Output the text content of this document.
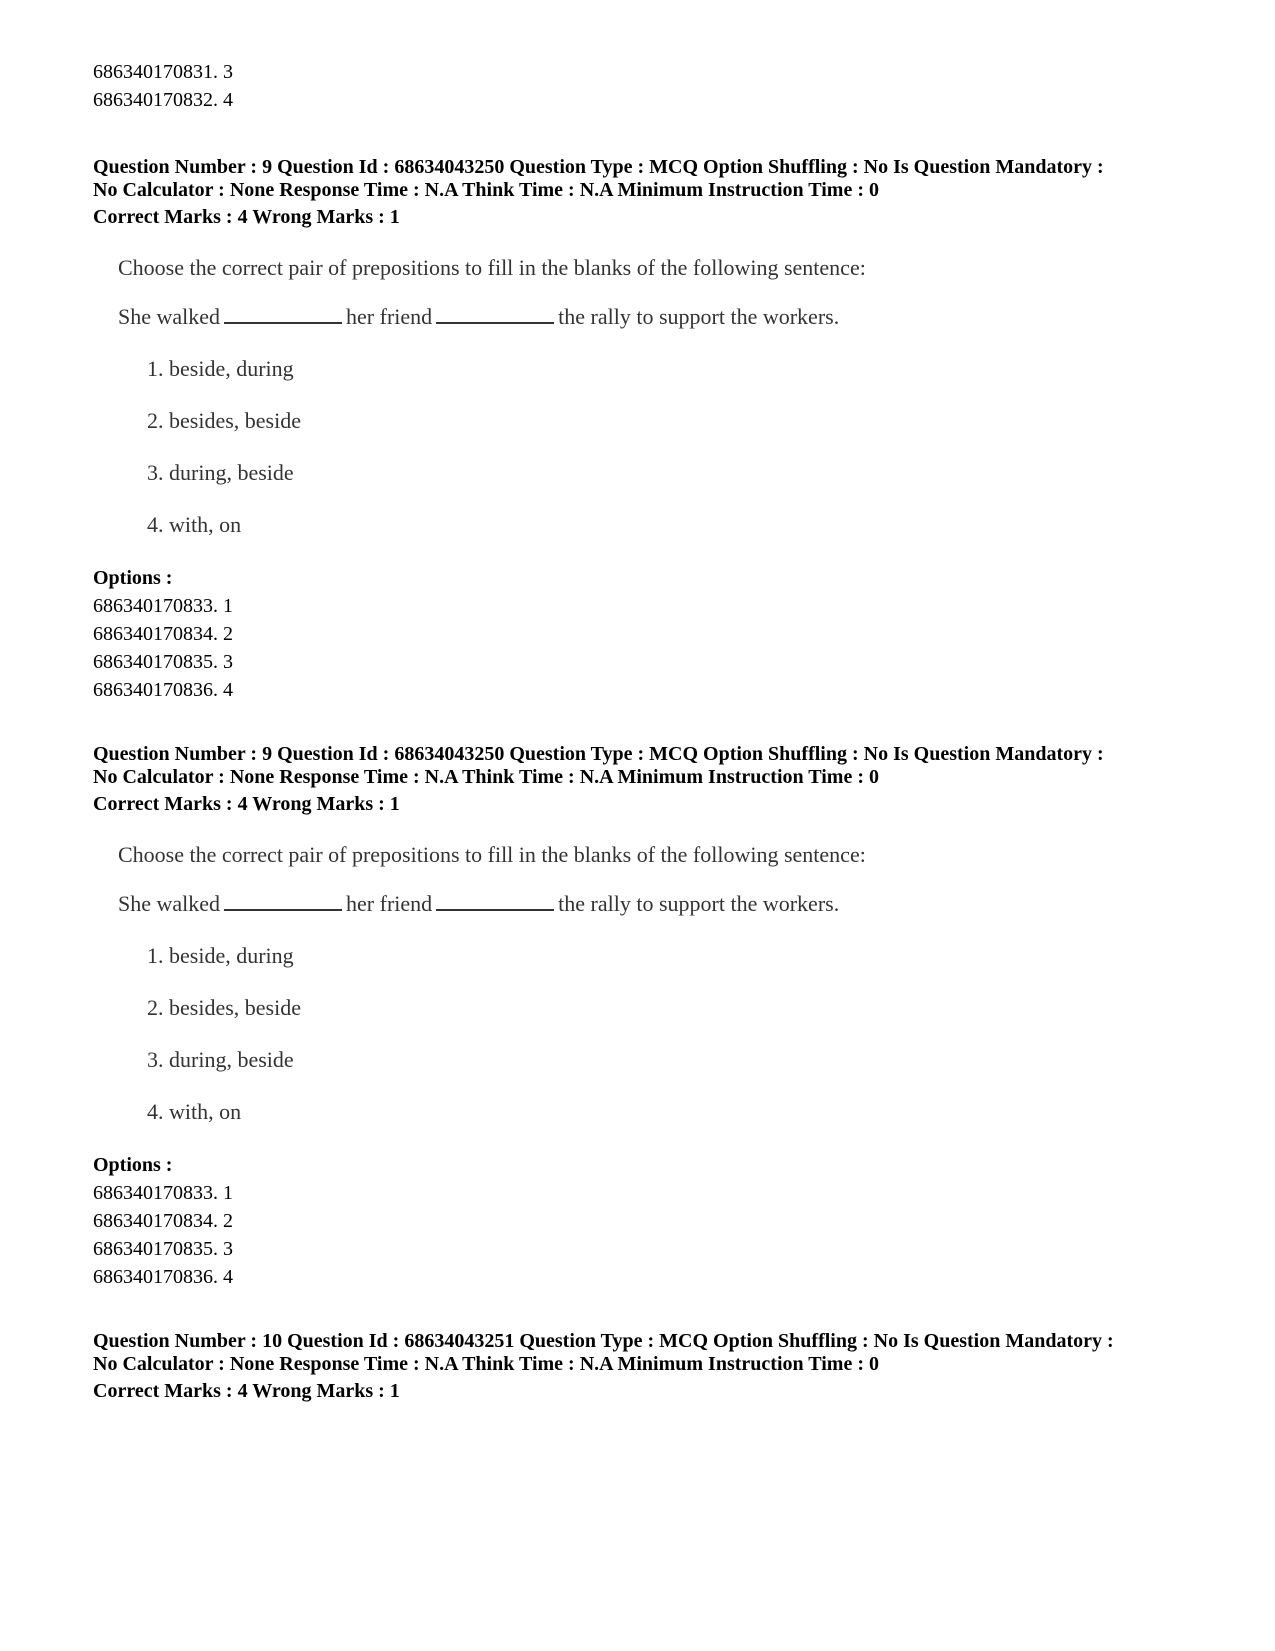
686340170831. 3
686340170832. 4
Question Number : 9 Question Id : 68634043250 Question Type : MCQ Option Shuffling : No Is Question Mandatory :
No Calculator : None Response Time : N.A Think Time : N.A Minimum Instruction Time : 0
Correct Marks : 4 Wrong Marks : 1
Choose the correct pair of prepositions to fill in the blanks of the following sentence:
She walked	her friend	the rally to support the workers.
1. beside, during
2. besides, beside
3. during, beside
4. with, on
Options :
686340170833. 1
686340170834. 2
686340170835. 3
686340170836. 4
Question Number : 9 Question Id : 68634043250 Question Type : MCQ Option Shuffling : No Is Question Mandatory :
No Calculator : None Response Time : N.A Think Time : N.A Minimum Instruction Time : 0
Correct Marks : 4 Wrong Marks : 1
Choose the correct pair of prepositions to fill in the blanks of the following sentence:
She walked	her friend	the rally to support the workers.
1. beside, during
2. besides, beside
3. during, beside
4. with, on
Options :
686340170833. 1
686340170834. 2
686340170835. 3
686340170836. 4
Question Number : 10 Question Id : 68634043251 Question Type : MCQ Option Shuffling : No Is Question Mandatory :
No Calculator : None Response Time : N.A Think Time : N.A Minimum Instruction Time : 0
Correct Marks : 4 Wrong Marks : 1
